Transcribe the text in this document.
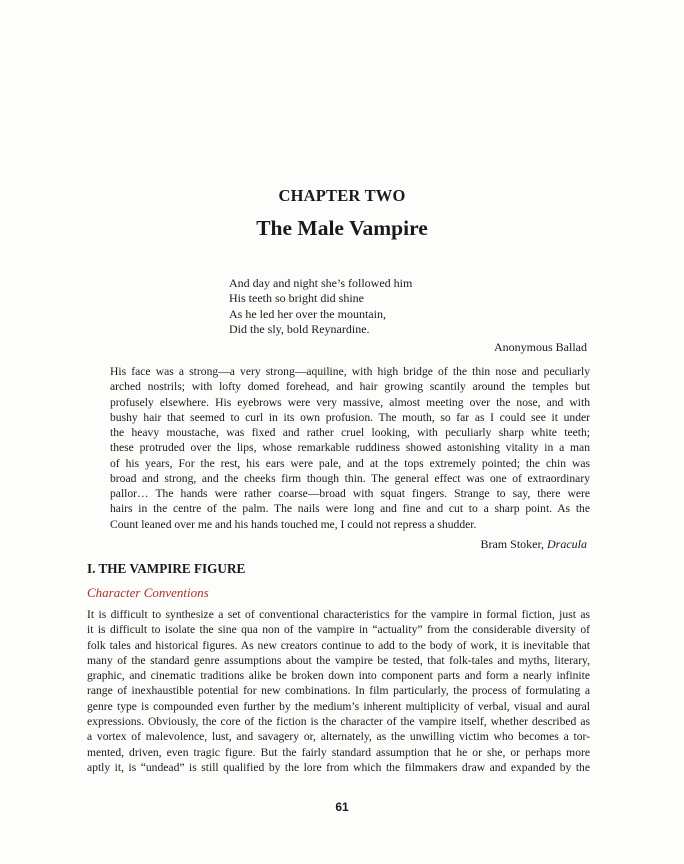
CHAPTER TWO
The Male Vampire
And day and night she’s followed him
His teeth so bright did shine
As he led her over the mountain,
Did the sly, bold Reynardine.
Anonymous Ballad
His face was a strong—a very strong—aquiline, with high bridge of the thin nose and peculiarly
arched nostrils; with lofty domed forehead, and hair growing scantily around the temples but
profusely elsewhere. His eyebrows were very massive, almost meeting over the nose, and with
bushy hair that seemed to curl in its own profusion. The mouth, so far as I could see it under
the heavy moustache, was fixed and rather cruel looking, with peculiarly sharp white teeth;
these protruded over the lips, whose remarkable ruddiness showed astonishing vitality in a man
of his years, For the rest, his ears were pale, and at the tops extremely pointed; the chin was
broad and strong, and the cheeks firm though thin. The general effect was one of extraordinary
pallor… The hands were rather coarse—broad with squat fingers. Strange to say, there were
hairs in the centre of the palm. The nails were long and fine and cut to a sharp point. As the
Count leaned over me and his hands touched me, I could not repress a shudder.
Bram Stoker, Dracula
I. THE VAMPIRE FIGURE
Character Conventions
It is difficult to synthesize a set of conventional characteristics for the vampire in formal fiction, just as
it is difficult to isolate the sine qua non of the vampire in “actuality” from the considerable diversity of
folk tales and historical figures. As new creators continue to add to the body of work, it is inevitable that
many of the standard genre assumptions about the vampire be tested, that folk-tales and myths, literary,
graphic, and cinematic traditions alike be broken down into component parts and form a nearly infinite
range of inexhaustible potential for new combinations. In film particularly, the process of formulating a
genre type is compounded even further by the medium’s inherent multiplicity of verbal, visual and aural
expressions. Obviously, the core of the fiction is the character of the vampire itself, whether described as
a vortex of malevolence, lust, and savagery or, alternately, as the unwilling victim who becomes a tor-
mented, driven, even tragic figure. But the fairly standard assumption that he or she, or perhaps more
aptly it, is “undead” is still qualified by the lore from which the filmmakers draw and expanded by the
61
